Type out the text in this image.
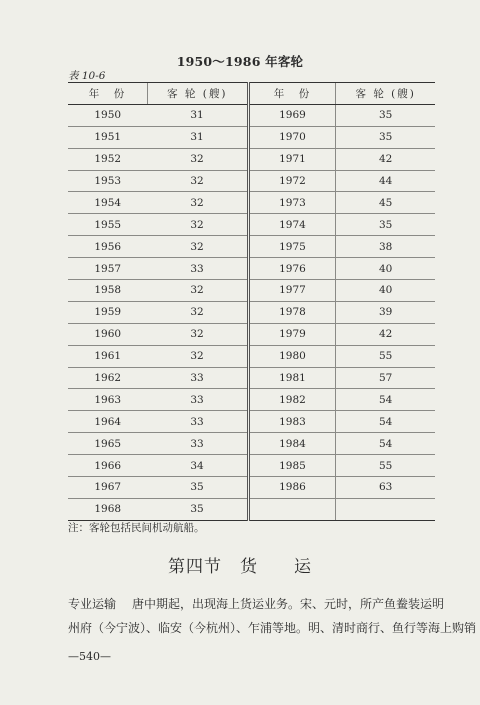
1950～1986 年客轮
表 10-6
年　份	客 轮 (艘)	年　份	客 轮 (艘)
1950	31	1969	35
1951	31	1970	35
1952	32	1971	42
1953	32	1972	44
1954	32	1973	45
1955	32	1974	35
1956	32	1975	38
1957	33	1976	40
1958	32	1977	40
1959	32	1978	39
1960	32	1979	42
1961	32	1980	55
1962	33	1981	57
1963	33	1982	54
1964	33	1983	54
1965	33	1984	54
1966	34	1985	55
1967	35	1986	63
1968	35		
注：客轮包括民间机动航船。
第四节　货　　运
专业运输 唐中期起，出现海上货运业务。宋、元时，所产鱼鲞装运明
州府（今宁波）、临安（今杭州）、乍浦等地。明、清时商行、鱼行等海上购销
—540—
